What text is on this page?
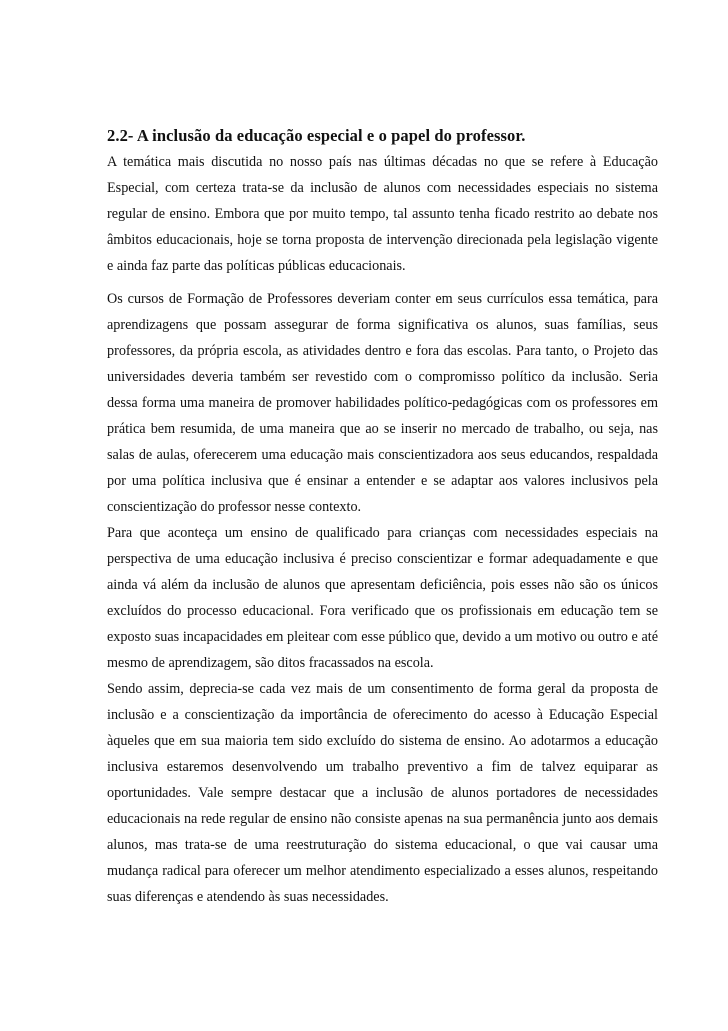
2.2- A inclusão da educação especial e o papel do professor.

A temática mais discutida no nosso país nas últimas décadas no que se refere à Educação Especial, com certeza trata-se da inclusão de alunos com necessidades especiais no sistema regular de ensino. Embora que por muito tempo, tal assunto tenha ficado restrito ao debate nos âmbitos educacionais, hoje se torna proposta de intervenção direcionada pela legislação vigente e ainda faz parte das políticas públicas educacionais.

Os cursos de Formação de Professores deveriam conter em seus currículos essa temática, para aprendizagens que possam assegurar de forma significativa os alunos, suas famílias, seus professores, da própria escola, as atividades dentro e fora das escolas. Para tanto, o Projeto das universidades deveria também ser revestido com o compromisso político da inclusão. Seria dessa forma uma maneira de promover habilidades político-pedagógicas com os professores em prática bem resumida, de uma maneira que ao se inserir no mercado de trabalho, ou seja, nas salas de aulas, oferecerem uma educação mais conscientizadora aos seus educandos, respaldada por uma política inclusiva que é ensinar a entender e se adaptar aos valores inclusivos pela conscientização do professor nesse contexto.

Para que aconteça um ensino de qualificado para crianças com necessidades especiais na perspectiva de uma educação inclusiva é preciso conscientizar e formar adequadamente e que ainda vá além da inclusão de alunos que apresentam deficiência, pois esses não são os únicos excluídos do processo educacional. Fora verificado que os profissionais em educação tem se exposto suas incapacidades em pleitear com esse público que, devido a um motivo ou outro e até mesmo de aprendizagem, são ditos fracassados na escola.

Sendo assim, deprecia-se cada vez mais de um consentimento de forma geral da proposta de inclusão e a conscientização da importância de oferecimento do acesso à Educação Especial àqueles que em sua maioria tem sido excluído do sistema de ensino. Ao adotarmos a educação inclusiva estaremos desenvolvendo um trabalho preventivo a fim de talvez equiparar as oportunidades. Vale sempre destacar que a inclusão de alunos portadores de necessidades educacionais na rede regular de ensino não consiste apenas na sua permanência junto aos demais alunos, mas trata-se de uma reestruturação do sistema educacional, o que vai causar uma mudança radical para oferecer um melhor atendimento especializado a esses alunos, respeitando suas diferenças e atendendo às suas necessidades.
